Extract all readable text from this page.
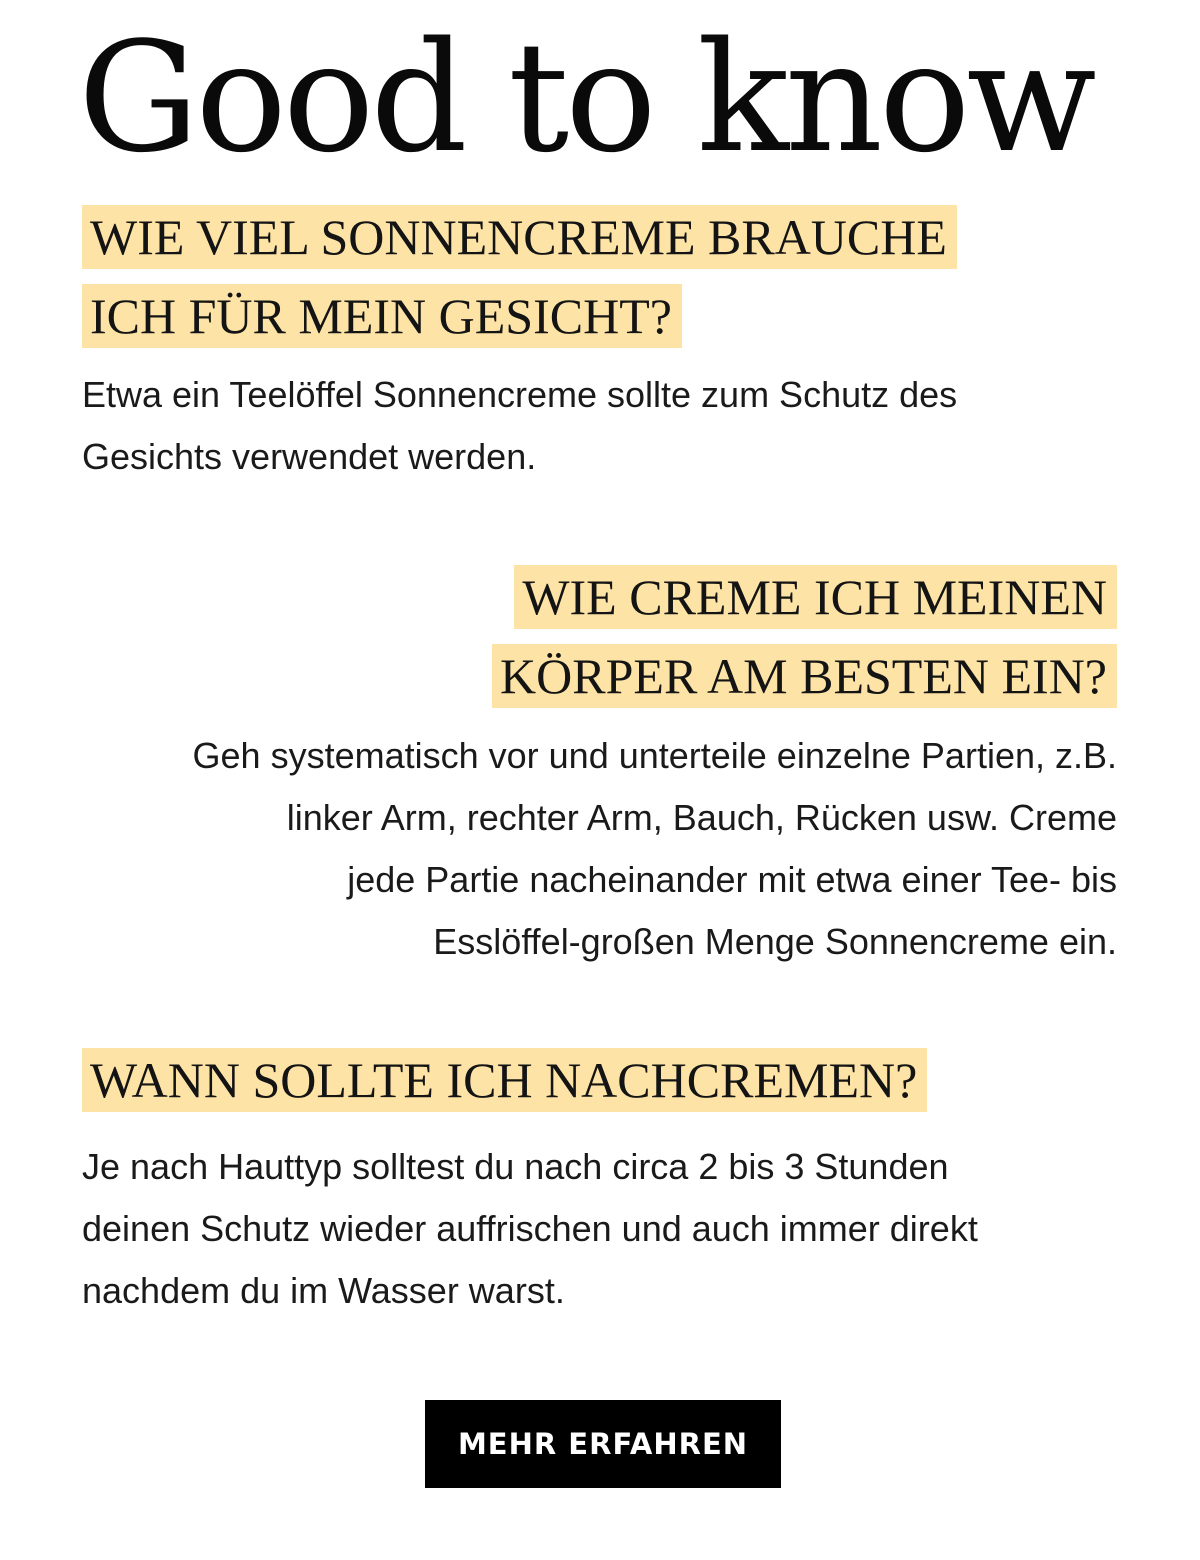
Good to know
WIE VIEL SONNENCREME BRAUCHE
ICH FÜR MEIN GESICHT?

Etwa ein Teelöffel Sonnencreme sollte zum Schutz des
Gesichts verwendet werden.

WIE CREME ICH MEINEN
KÖRPER AM BESTEN EIN?

Geh systematisch vor und unterteile einzelne Partien, z.B.
linker Arm, rechter Arm, Bauch, Rücken usw. Creme
jede Partie nacheinander mit etwa einer Tee- bis
Esslöffel-großen Menge Sonnencreme ein.

WANN SOLLTE ICH NACHCREMEN?

Je nach Hauttyp solltest du nach circa 2 bis 3 Stunden
deinen Schutz wieder auffrischen und auch immer direkt
nachdem du im Wasser warst.

MEHR ERFAHREN
